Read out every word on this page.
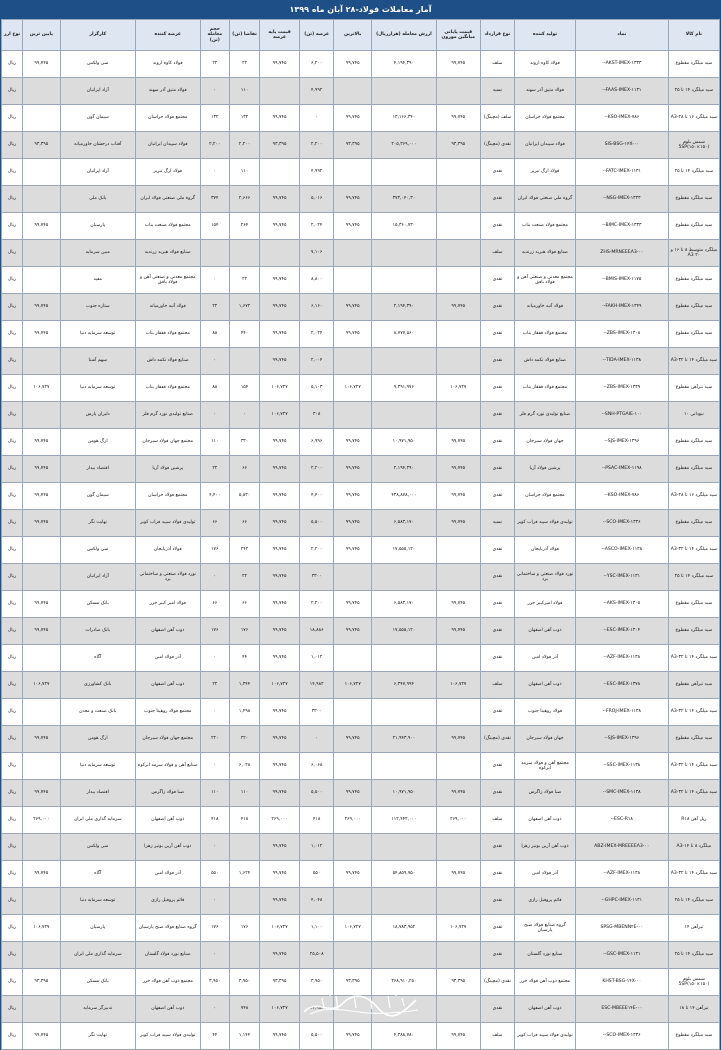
آمار معاملات فولاد-۲۸ آبان ماه ۱۳۹۹
نام کالا	نماد	تولید کننده	نوع قرارداد	قیمت پایانی میانگین موزون	ارزش معامله (هزارریال)	بالاترین	عرضه (تن)	قیمت پایه عرضه	تقاضا (تن)	حجم معامله (تن)	عرضه کننده	کارگزار	پایین ترین	نوع ارز
سید میلگرد مقطوع	AKST-IMEX-۱۳۳۳--	فولاد کاوه اروند	سلف	۹۹,۷۴۵	۴,۱۹۴,۳۹۰	۹۹,۷۴۵	۶,۲۰۰	۹۹,۷۴۵	۲۲	۲۲	فولاد کاوه اروند	سی ولکس	۹۹,۷۴۵	ریال
سید میلگرد ۱۴ تا ۲۵	FAAS-IMEX-۱۱۳۱--	فولاد متیق آذر سهند	نسیه				۴,۹۹۲		۱۱۰	۰	فولاد متیق آذر سهند	آزاد ایرانیان		ریال
سید میلگرد ۱۶ تا ۲۸-A3	KSO-IMEX-۷۸۶--	مجتمع فولاد خراسان	سلف (مچینگ)	۹۹,۷۴۵	۱۳,۱۶۶,۳۴۰	۹۹,۷۴۵	۰	۹۹,۷۴۵	۱۳۲	۱۳۲	مجتمع فولاد خراسان	سیمان گون		ریال
شمش بلوم 5SP(۱۵۰×۱۵۰)	SIS-BSG-۱۴X-۰۰	فولاد سپیدان ایرانیان	نقدی (مچینگ)	۹۳,۳۹۵	۲۰۵,۳۶۹,۰۰۰	۹۳,۳۹۵	۲,۲۰۰	۹۳,۳۹۵	۲,۲۰۰	۲,۲۰۰	فولاد سپیدان ایرانیان	آفتاب درخشان خاورمیانه	۹۳,۳۹۵	ریال
سید میلگرد ۱۴ تا ۲۵	FATC-IMEX-۱۱۳۱--	فولاد ارگ تبریز	نقدی				۴,۹۹۲		۱۱۰	۰	فولاد ارگ تبریز	آزاد ایرانیان		ریال
سید میلگرد مقطوع	NSG-IMEX-۱۳۳۳--	گروه ملی صنعتی فولاد ایران	نقدی		۳۷۳,۰۴۰,۳۰	۹۹,۷۴۵	۵,۰۱۶	۹۹,۷۴۵	۲,۶۶۶	۳۷۴	گروه ملی صنعتی فولاد ایران	بانک ملی		ریال
سید میلگرد مقطوع	BIMC-IMEX-۱۳۳۳--	مجتمع فولاد صنعت بناب	نقدی		۱۵,۳۶۰,۷۳۰	۹۹,۷۴۵	۲,۰۲۴	۹۹,۷۴۵	۲۶۴	۱۵۴	مجتمع فولاد صنعت بناب	پارسیان	۹۹,۷۴۵	ریال
میلگرد متوسط ۸ تا ۱۶ و ۲۰ A3	ZHS-MRNEEEA3-۰۰	صنایع فولاد هیربد زرندیه	سلف				۷,۱۰۶				صنایع فولاد هیربد زرندیه	مبین سرمایه		ریال
سید میلگرد مقطوع	BMIS-IMEX-۱۱۷۵--	مجتمع معدنی و صنعتی آهن و فولاد بافق	نقدی				۸,۸۰۰	۹۹,۷۴۵	۲۲	۰	مجتمع معدنی و صنعتی آهن و فولاد بافق	مفید		ریال
سید میلگرد مقطوع	FAKH-IMEX-۱۳۴۹--	فولاد آتیه خاورمیانه	نقدی	۹۹,۷۴۵	۲,۱۹۴,۳۹۰	۹۹,۷۴۵	۶,۱۶۰	۹۹,۷۴۵	۱,۶۷۲	۲۲	فولاد آتیه خاورمیانه	ستاره جنوب	۹۹,۷۴۵	ریال
سید میلگرد مقطوع	ZBS-IMEX-۱۳۰۸--	مجتمع فولاد قفقاز بناب	نقدی		۸,۷۷۷,۵۶۰	۹۹,۷۴۵	۲,۰۲۴	۹۹,۷۴۵	۴۴۰	۸۸	مجتمع فولاد قفقاز بناب	توسعه سرمایه دنیا	۹۹,۷۴۵	ریال
سید میلگرد ۱۴ تا ۳۲-A3	TIDA-IMEX-۱۱۳۸--	صنایع فولاد تکمه داش	نقدی				۲,۰۰۴	۹۹,۷۴۵		۰	صنایع فولاد تکمه داش	سهم آشنا		ریال
سید تیرآهن مقطوع	ZBS-IMEX-۱۳۳۹--	مجتمع فولاد قفقاز بناب	نقدی	۱۰۶,۷۲۷	۹,۳۹۱,۹۷۶	۱۰۶,۷۲۷	۵,۱۰۳	۱۰۶,۷۲۷	۱۵۴	۸۸	مجتمع فولاد قفقاز بناب	توسعه سرمایه دنیا	۱۰۶,۷۲۷	ریال
نبودانی ۱۰	SNH-PTGAIE-۱۰۰--	صنایع تولیدی نورد گرم فلز	نقدی				۳۰۸	۱۰۶,۷۲۷	۰	۰	صنایع تولیدی نورد گرم فلز	دلیران پارس		ریال
سید میلگرد مقطوع	SJS-IMEX-۱۳۹۶--	جهان فولاد سیرجان	نقدی	۹۹,۷۴۵	۱۰,۹۷۱,۹۵۰	۹۹,۷۴۵	۶,۹۹۶	۹۹,۷۴۵	۳۳۰	۱۱۰	مجتمع جهان فولاد سیرجان	ارگ هومن	۹۹,۷۴۵	ریال
سید میلگرد مقطوع	PSAC-IMEX-۱۱۹۸--	پرشین فولاد آریا	نقدی	۹۹,۷۴۵	۲,۱۹۴,۳۹۰	۹۹,۷۴۵	۲,۲۰۰	۹۹,۷۴۵	۶۶	۲۲	پرشین فولاد آریا	اقتصاد بیدار	۹۹,۷۴۵	ریال
سید میلگرد ۱۶ تا ۲۸-A3	KSO-IMEX-۷۸۶--	مجتمع فولاد خراسان	نقدی	۹۹,۷۴۵	۴۳۸,۸۷۸,۰۰۰	۹۹,۷۴۵	۴,۴۰۰	۹۹,۷۴۵	۵,۸۳۰	۴,۴۰۰	مجتمع فولاد خراسان	سیمان گون	۹۹,۷۴۵	ریال
سید میلگرد مقطوع	SCO-IMEX-۱۳۳۶--	تولیدی فولاد سپید فراب کویر	نسیه	۹۹,۷۴۵	۶,۵۸۳,۱۷۰	۹۹,۷۴۵	۵,۵۰۰	۹۹,۷۴۵	۶۶	۶۶	تولیدی فولاد سپید فراب کویر	نهایت نگر	۹۹,۷۴۵	ریال
سید میلگرد ۱۴ تا ۳۲-A3	ASCO-IMEX-۱۱۳۸--	فولاد آذربایجان	نقدی		۱۷,۵۵۵,۱۲۰	۹۹,۷۴۵	۲,۲۰۰	۹۹,۷۴۵	۲۴۲	۱۷۶	فولاد آذربایجان	سی ولکس		ریال
سید میلگرد ۱۴ تا ۲۵	YSC-IMEX-۱۱۳۱--	نورد فولاد صنعتی و ساختمانی یزد	نقدی				۳۳۰۰	۹۹,۷۴۵	۲۲	۰	نورد فولاد صنعتی و ساختمانی یزد	آزاد ایرانیان		ریال
سید میلگرد مقطوع	AKS-IMEX-۱۳۰۵--	فولاد امیرکبیر خزر	نقدی	۹۹,۷۴۵	۶,۵۸۳,۱۷۰	۹۹,۷۴۵	۲,۲۰۰	۹۹,۷۴۵	۶۶	۶۶	فولاد امیر کبیر خزر	بانک مسکن	۹۹,۷۴۵	ریال
سید میلگرد مقطوع	ESC-IMEX-۱۳۰۴--	ذوب آهن اصفهان	نقدی	۹۹,۷۴۵	۱۷,۵۵۵,۱۲۰	۹۹,۷۴۵	۱۸,۸۸۶	۹۹,۷۴۵	۱۷۶	۱۷۶	ذوب آهن اصفهان	بانک صادرات	۹۹,۷۴۵	ریال
سید میلگرد ۱۴ تا ۳۲-A3	AZF-IMEX-۱۱۳۸--	آذر فولاد امین	نقدی				۱,۰۱۲	۹۹,۷۴۵	۴۴	۰	آذر فولاد امین	آگاه		ریال
سید تیرآهن مقطوع	ESC-IMEX-۱۳۷۸--	ذوب آهن اصفهان	سلف	۱۰۶,۷۲۷	۶,۳۴۷,۹۹۴	۱۰۶,۷۲۷	۱۴,۹۸۲	۱۰۶,۷۲۷	۱,۳۴۴	۲۲	ذوب آهن اصفهان	بانک کشاورزی	۱۰۶,۷۲۷	ریال
سید میلگرد ۱۴ تا ۳۲-A3	FROJ-IMEX-۱۱۳۸--	فولاد روهینا جنوب	نقدی				۳۳۰۰	۹۹,۷۴۵	۱,۴۹۸	۰	مجتمع فولاد روهینا جنوب	بانک صنعت و معدن		ریال
سید میلگرد مقطوع	SJS-IMEX-۱۳۹۶--	جهان فولاد سیرجان	نقدی (مچینگ)	۹۹,۷۴۵	۲۱,۹۴۳,۹۰۰	۹۹,۷۴۵	۰	۹۹,۷۴۵	۲۲۰	۲۲۰	مجتمع جهان فولاد سیرجان	ارگ هومن	۹۹,۷۴۵	ریال
سید میلگرد ۱۴ تا ۳۲-A3	SSC-IMEX-۱۱۳۸--	مجتمع آهن و فولاد سرمد ابرکوه	نقدی				۶,۰۶۸	۹۹,۷۴۵	۶,۰۲۸	۰	صنایع آهن و فولاد سرمد ابرکوه	توسعه سرمایه دنیا		ریال
سید میلگرد ۱۴ تا ۳۲-A3	SMC-IMEX-۱۱۳۸--	صبا فولاد زاگرس	نقدی	۹۹,۷۴۵	۱۰,۹۷۱,۹۵۰	۹۹,۷۴۵	۵,۵۰۰	۹۹,۷۴۵	۱۱۰	۱۱۰	صبا فولاد زاگرس	اقتصاد بیدار	۹۹,۷۴۵	ریال
ریل آهن R۱۸	ESC-R۱۸--	ذوب آهن اصفهان	سلف	۲۶۹,۰۰۰	۱۱۲,۴۴۲,۰۰۰	۲۶۹,۰۰۰	۴۱۸	۲۶۹,۰۰۰	۴۱۸	۴۱۸	ذوب آهن اصفهان	سرمایه گذاری ملی ایران	۲۶۹,۰۰۰	ریال
میلگرد ۸ تا ۱۴-A3	ABZ-IMEX-MREEEEA3-۰۰	ذوب آهن آرین بونیز زهرا	نقدی				۱,۰۱۲	۹۹,۷۴۵		۰	ذوب آهن آرین بونیز زهرا	سی ولکس		ریال
سید میلگرد ۱۴ تا ۳۲-A3	AZF-IMEX-۱۱۳۸--	آذر فولاد امین	نقدی	۹۹,۷۴۵	۵۴,۸۵۹,۷۵۰	۹۹,۷۴۵	۵۵۰	۹۹,۷۴۵	۱,۶۲۴	۵۵۰	آذر فولاد امین	آگاه	۹۹,۷۴۵	ریال
سید میلگرد ۱۴ تا ۲۵	GHPC-IMEX-۱۱۳۱--	قائم پروفیل رازی	نقدی				۴,۰۴۸	۹۹,۷۴۵		۰	قائم پروفیل رازی	توسعه سرمایه دنیا		ریال
تیرآهن ۱۴	SPSG-MBENN۲E-۰۰	گروه صنایع فولاد صبح پارسیان	نقدی	۱۰۶,۷۲۷	۱۸,۷۸۳,۹۵۲	۱۰۶,۷۲۷	۱,۱۰۰	۱۰۶,۷۲۷	۱۷۶	۱۷۶	گروه صنایع فولاد صبح پارسیان	پارسیان	۱۰۶,۷۲۷	ریال
سید میلگرد ۱۴ تا ۲۵	GSC-IMEX-۱۱۳۱--	صنایع نورد گلستان	نقدی				۲۵,۵۰۸	۹۹,۷۴۵		۰	صنایع نورد فولاد گلستان	سرمایه گذاری ملی ایران		ریال
شمش بلوم 5SP(۱۵۰×۱۵۰)	KHST-BSG-۱۴X-۰۰	مجتمع ذوب آهن فولاد خزر	نقدی (مچینگ)	۹۳,۳۹۵	۳۶۸,۹۱۰,۲۵۰	۹۳,۳۹۵	۳,۹۵۰	۹۳,۳۹۵	۳,۹۵۰	۳,۹۵۰	مجتمع ذوب آهن فولاد خزر	بانک مسکن	۹۳,۳۹۵	ریال
تیرآهن ۱۴ تا ۱۸	ESC-MBEEE۱۴E-۰۰	ذوب آهن اصفهان	نقدی				۱۴,۹۸۲	۱۰۶,۷۲۷	۷۴۸	۰	ذوب آهن اصفهان	تدبیرگر سرمایه		ریال
سید میلگرد مقطوع	SCO-IMEX-۱۳۳۶--	تولیدی فولاد سپید فراب کویر	سلف	۹۹,۷۴۵	۴,۳۸۸,۷۸۰	۹۹,۷۴۵	۵,۵۰۰	۹۹,۷۴۵	۱,۱۴۴	۴۴	تولیدی فولاد سپید فراب کویر	نهایت نگر	۹۹,۷۴۵	ریال
